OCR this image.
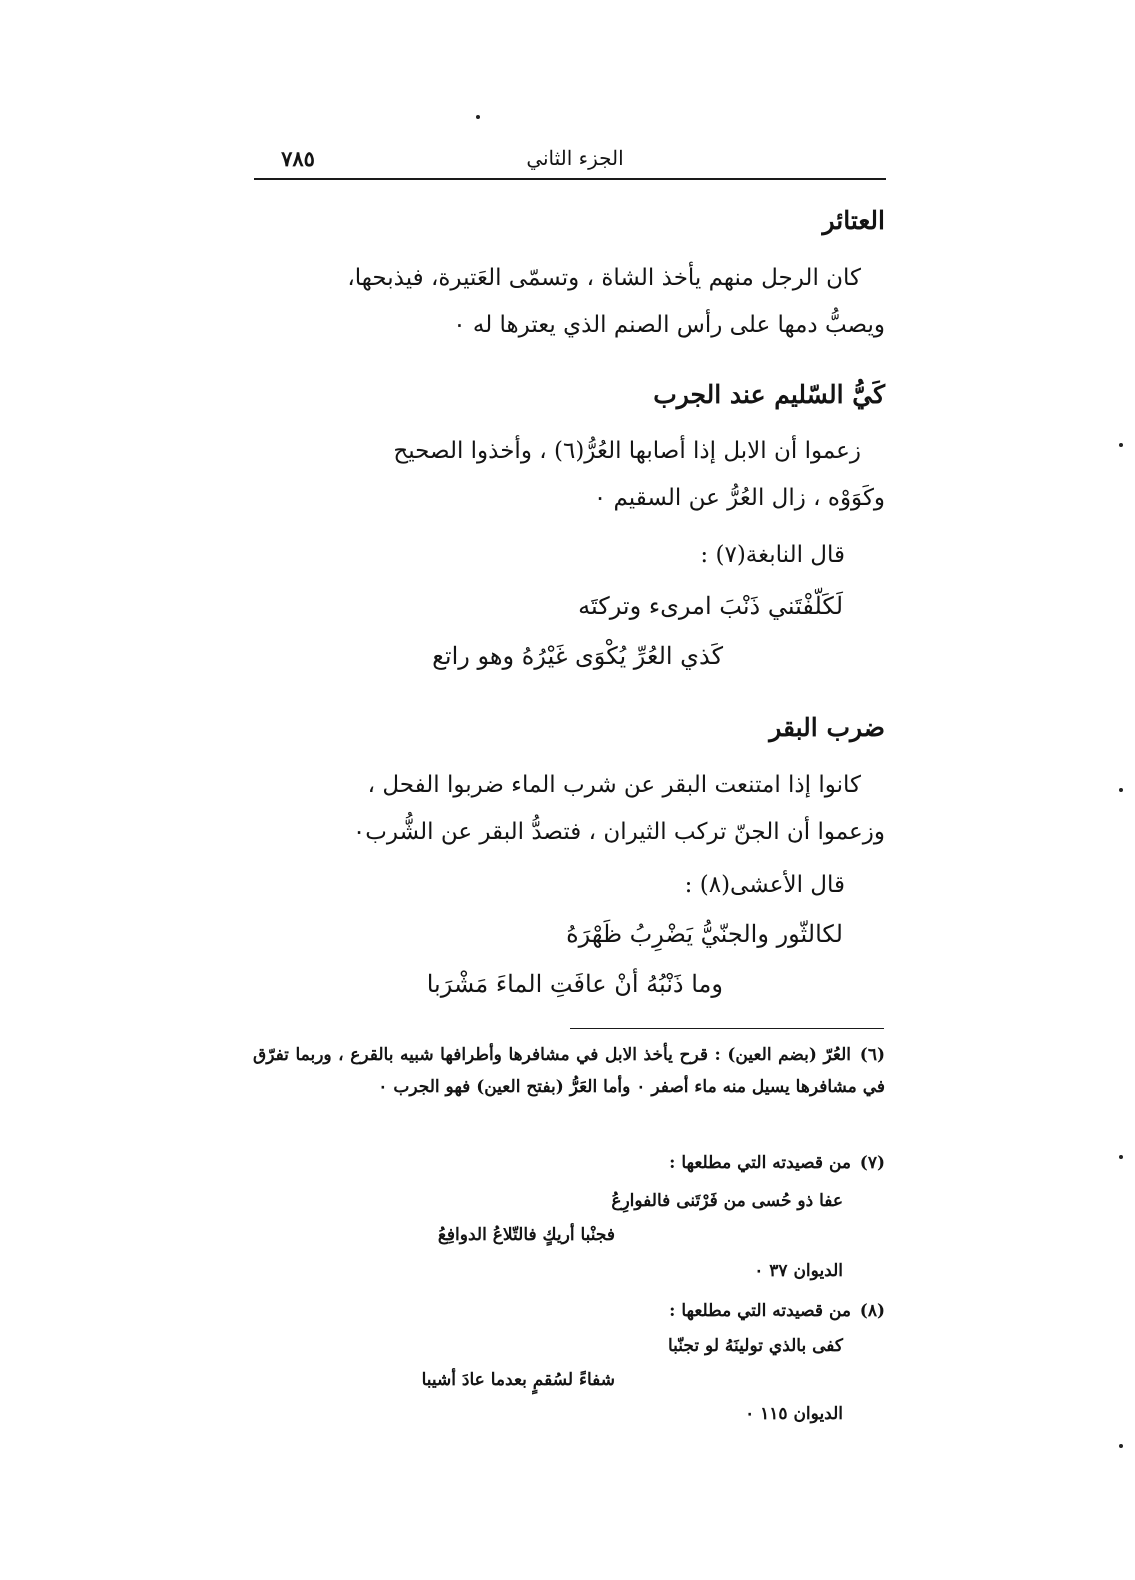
الجزء الثاني
٧٨٥
العتائر
كان الرجل منهم يأخذ الشاة ، وتسمّى العَتيرة، فيذبحها،
ويصبُّ دمها على رأس الصنم الذي يعترها له ٠
كَيُّ السّليم عند الجرب
زعموا أن الابل إذا أصابها العُرُّ(٦) ، وأخذوا الصحيح
وكَوَوْه ، زال العُرُّ عن السقيم ٠
قال النابغة(٧) :
لَكَلّفْتَني ذَنْبَ امرىء وتركتَه
كَذي العُرِّ يُكْوَى غَيْرُهُ وهو راتع
ضرب البقر
كانوا إذا امتنعت البقر عن شرب الماء ضربوا الفحل ،
وزعموا أن الجنّ تركب الثيران ، فتصدُّ البقر عن الشُّرب٠
قال الأعشى(٨) :
لكالثّور والجنّيُّ يَضْرِبُ ظَهْرَهُ
وما ذَنْبُهُ أنْ عافَتِ الماءَ مَشْرَبا
(٦)العُرّ (بضم العين) : قرح يأخذ الابل في مشافرها وأطرافها شبيه بالقرع ، وربما تفرّق في مشافرها يسيل منه ماء أصفر ٠ وأما العَرُّ (بفتح العين) فهو الجرب ٠
(٧)من قصيدته التي مطلعها :
عفا ذو حُسى من فَرْتَنى فالفوارِعُ
فجنْبا أريكٍ فالتّلاعُ الدوافِعُ
الديوان ٣٧ ٠
(٨)من قصيدته التي مطلعها :
كفى بالذي تولينَهُ لو تجنّبا
شفاءً لسُقمٍ بعدما عادَ أشيبا
الديوان ١١٥ ٠
